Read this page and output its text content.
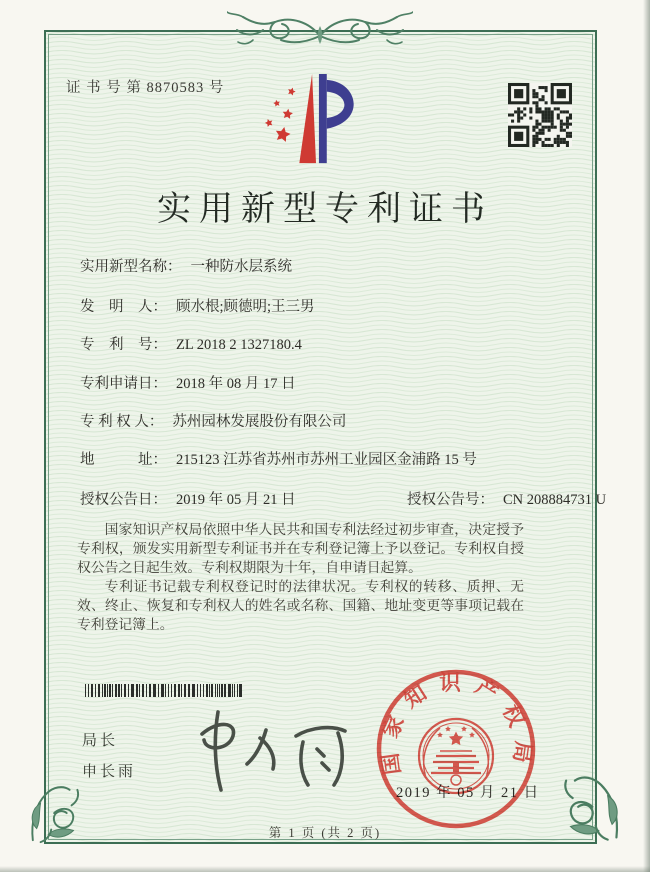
证 书 号 第 8870583 号
实用新型专利证书
实用新型名称： 一种防水层系统
发　明　人： 顾水根;顾德明;王三男
专　利　号： ZL 2018 2 1327180.4
专利申请日： 2018 年 08 月 17 日
专 利 权 人： 苏州园林发展股份有限公司
地　　　址： 215123 江苏省苏州市苏州工业园区金浦路 15 号
授权公告日： 2019 年 05 月 21 日	授权公告号： CN 208884731 U

国家知识产权局依照中华人民共和国专利法经过初步审查，决定授予专利权，颁发实用新型专利证书并在专利登记簿上予以登记。专利权自授权公告之日起生效。专利权期限为十年，自申请日起算。

专利证书记载专利权登记时的法律状况。专利权的转移、质押、无效、终止、恢复和专利权人的姓名或名称、国籍、地址变更等事项记载在专利登记簿上。

局长
申长雨
2019 年 05 月 21 日
国家知识产权局
第 1 页 (共 2 页)
